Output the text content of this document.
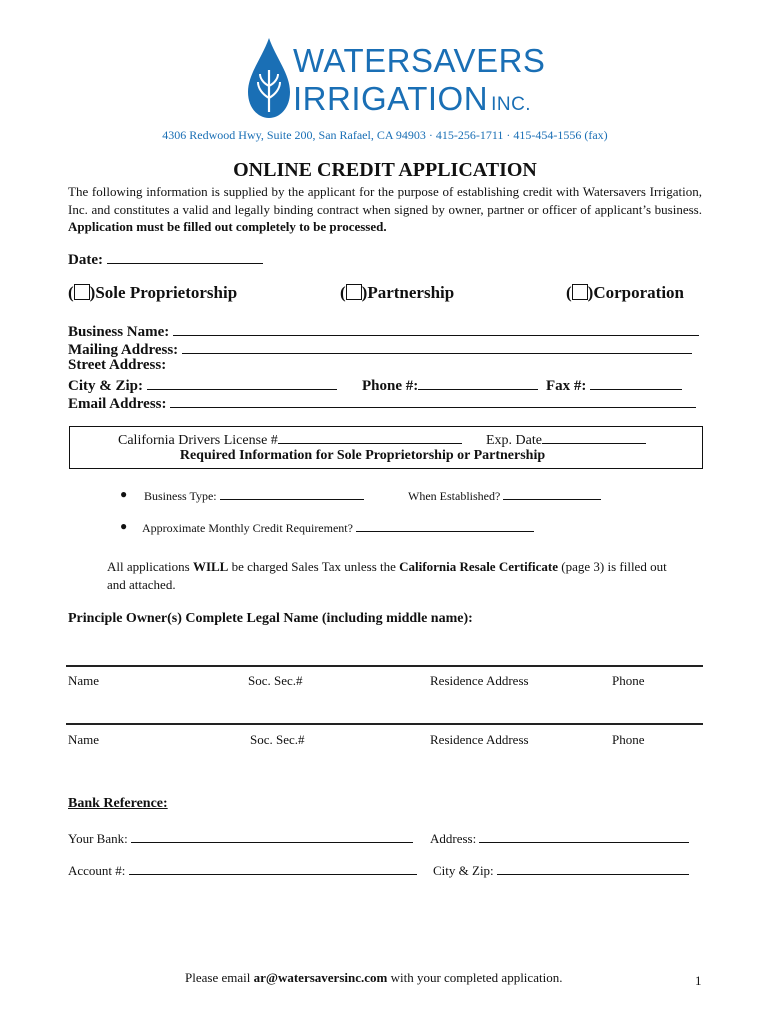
WATERSAVERS
IRRIGATION INC.
4306 Redwood Hwy, Suite 200, San Rafael, CA 94903 · 415-256-1711 · 415-454-1556 (fax)
ONLINE CREDIT APPLICATION
The following information is supplied by the applicant for the purpose of establishing credit with Watersavers Irrigation, Inc. and constitutes a valid and legally binding contract when signed by owner, partner or officer of applicant’s business. Application must be filled out completely to be processed.
Date:
( )Sole Proprietorship	( )Partnership	( )Corporation
Business Name:
Mailing Address:
Street Address:
City & Zip:	Phone #:	Fax #:
Email Address:
California Drivers License #	Exp. Date
Required Information for Sole Proprietorship or Partnership
● Business Type:	When Established?
● Approximate Monthly Credit Requirement?
All applications WILL be charged Sales Tax unless the California Resale Certificate (page 3) is filled out
and attached.
Principle Owner(s) Complete Legal Name (including middle name):
Name	Soc. Sec.#	Residence Address	Phone
Name	Soc. Sec.#	Residence Address	Phone
Bank Reference:
Your Bank:	Address:
Account #:	City & Zip:
Please email ar@watersaversinc.com with your completed application.	1
